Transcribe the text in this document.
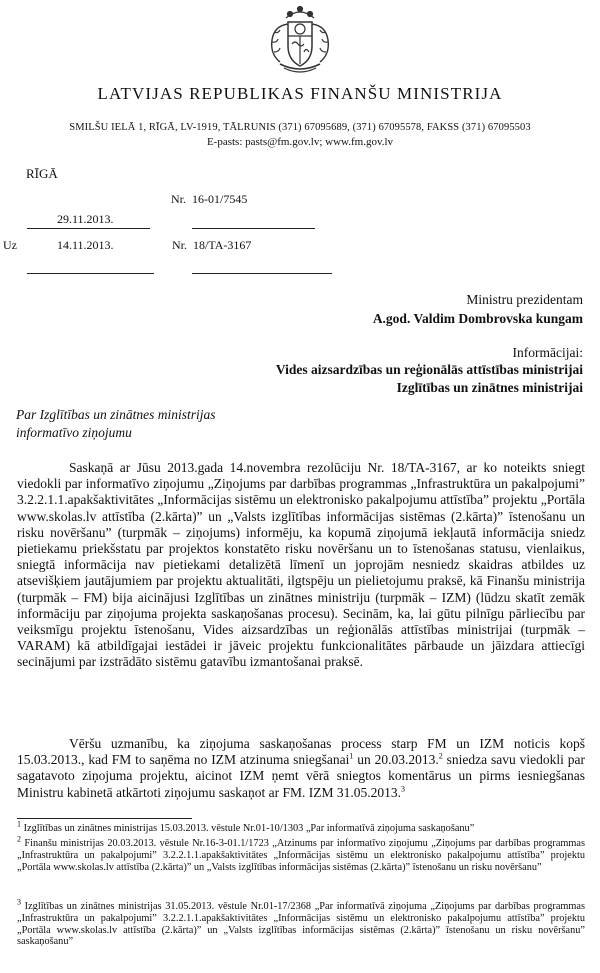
LATVIJAS REPUBLIKAS FINANŠU MINISTRIJA
SMILŠU IELĀ 1, RĪGĀ, LV-1919, TĀLRUNIS (371) 67095689, (371) 67095578, FAKSS (371) 67095503
E-pasts: pasts@fm.gov.lv; www.fm.gov.lv
RĪGĀ
Nr. 16-01/7545
29.11.2013.
Uz	14.11.2013.	Nr. 18/TA-3167
Ministru prezidentam
A.god. Valdim Dombrovska kungam
Informācijai:
Vides aizsardzības un reģionālās attīstības ministrijai
Izglītības un zinātnes ministrijai
Par Izglītības un zinātnes ministrijas
informatīvo ziņojumu
Saskaņā ar Jūsu 2013.gada 14.novembra rezolūciju Nr. 18/TA-3167, ar ko noteikts sniegt viedokli par informatīvo ziņojumu „Ziņojums par darbības programmas „Infrastruktūra un pakalpojumi” 3.2.2.1.1.apakšaktivitātes „Informācijas sistēmu un elektronisko pakalpojumu attīstība” projektu „Portāla www.skolas.lv attīstība (2.kārta)” un „Valsts izglītības informācijas sistēmas (2.kārta)” īstenošanu un risku novēršanu” (turpmāk – ziņojums) informēju, ka kopumā ziņojumā iekļautā informācija sniedz pietiekamu priekšstatu par projektos konstatēto risku novēršanu un to īstenošanas statusu, vienlaikus, sniegtā informācija nav pietiekami detalizētā līmenī un joprojām nesniedz skaidras atbildes uz atsevišķiem jautājumiem par projektu aktualitāti, ilgtspēju un pielietojumu praksē, kā Finanšu ministrija (turpmāk – FM) bija aicinājusi Izglītības un zinātnes ministriju (turpmāk – IZM) (lūdzu skatīt zemāk informāciju par ziņojuma projekta saskaņošanas procesu). Secinām, ka, lai gūtu pilnīgu pārliecību par veiksmīgu projektu īstenošanu, Vides aizsardzības un reģionālās attīstības ministrijai (turpmāk – VARAM) kā atbildīgajai iestādei ir jāveic projektu funkcionalitātes pārbaude un jāizdara attiecīgi secinājumi par izstrādāto sistēmu gatavību izmantošanai praksē.
Vēršu uzmanību, ka ziņojuma saskaņošanas process starp FM un IZM noticis kopš 15.03.2013., kad FM to saņēma no IZM atzinuma sniegšanai$^1$ un 20.03.2013.$^2$ sniedza savu viedokli par sagatavoto ziņojuma projektu, aicinot IZM ņemt vērā sniegtos komentārus un pirms iesniegšanas Ministru kabinetā atkārtoti ziņojumu saskaņot ar FM. IZM 31.05.2013.$^3$
$^1$ Izglītības un zinātnes ministrijas 15.03.2013. vēstule Nr.01-10/1303 „Par informatīvā ziņojuma saskaņošanu”
$^2$ Finanšu ministrijas 20.03.2013. vēstule Nr.16-3-01.1/1723 „Atzinums par informatīvo ziņojumu „Ziņojums par darbības programmas „Infrastruktūra un pakalpojumi” 3.2.2.1.1.apakšaktivitātes „Informācijas sistēmu un elektronisko pakalpojumu attīstība” projektu „Portāla www.skolas.lv attīstība (2.kārta)” un „Valsts izglītības informācijas sistēmas (2.kārta)” īstenošanu un risku novēršanu”
$^3$ Izglītības un zinātnes ministrijas 31.05.2013. vēstule Nr.01-17/2368 „Par informatīvā ziņojuma „Ziņojums par darbības programmas „Infrastruktūra un pakalpojumi” 3.2.2.1.1.apakšaktivitātes „Informācijas sistēmu un elektronisko pakalpojumu attīstība” projektu „Portāla www.skolas.lv attīstība (2.kārta)” un „Valsts izglītības informācijas sistēmas (2.kārta)” īstenošanu un risku novēršanu” saskaņošanu”
